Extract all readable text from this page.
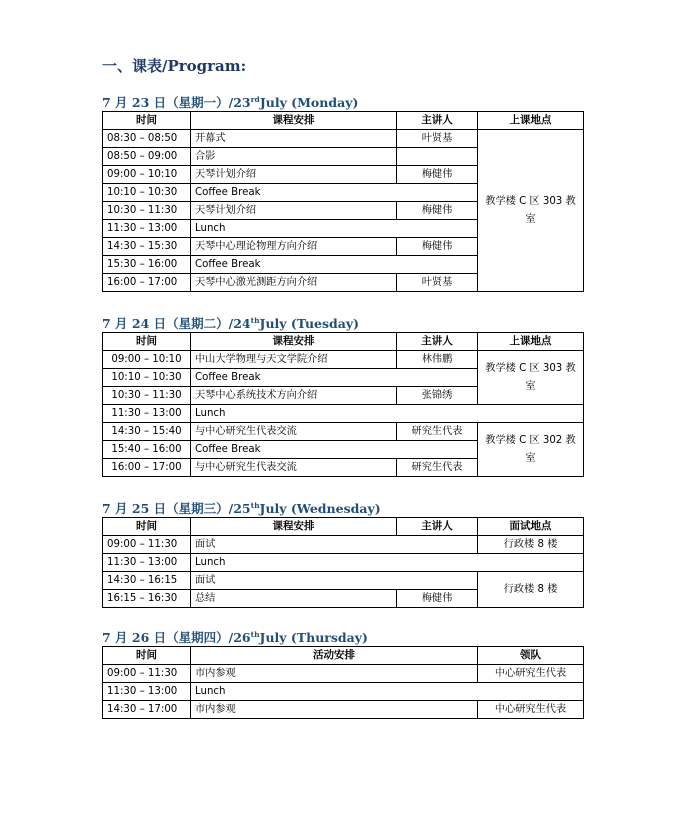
一、课表/Program:
7 月 23 日（星期一）/23rdJuly (Monday)
时间	课程安排	主讲人	上课地点
08:30 – 08:50	开幕式	叶贤基	教学楼 C 区 303 教室
08:50 – 09:00	合影		
09:00 – 10:10	天琴计划介绍	梅健伟	
10:10 – 10:30	Coffee Break		
10:30 – 11:30	天琴计划介绍	梅健伟	
11:30 – 13:00	Lunch		
14:30 – 15:30	天琴中心理论物理方向介绍	梅健伟	
15:30 – 16:00	Coffee Break		
16:00 – 17:00	天琴中心激光测距方向介绍	叶贤基	
7 月 24 日（星期二）/24thJuly (Tuesday)
时间	课程安排	主讲人	上课地点
09:00 – 10:10	中山大学物理与天文学院介绍	林伟鹏	教学楼 C 区 303 教室
10:10 – 10:30	Coffee Break		
10:30 – 11:30	天琴中心系统技术方向介绍	张锦绣	
11:30 – 13:00	Lunch		
14:30 – 15:40	与中心研究生代表交流	研究生代表	教学楼 C 区 302 教室
15:40 – 16:00	Coffee Break		
16:00 – 17:00	与中心研究生代表交流	研究生代表	
7 月 25 日（星期三）/25thJuly (Wednesday)
时间	课程安排	主讲人	面试地点
09:00 – 11:30	面试		行政楼 8 楼
11:30 – 13:00	Lunch		
14:30 – 16:15	面试		行政楼 8 楼
16:15 – 16:30	总结	梅健伟	
7 月 26 日（星期四）/26thJuly (Thursday)
时间	活动安排	领队
09:00 – 11:30	市内参观	中心研究生代表
11:30 – 13:00	Lunch	
14:30 – 17:00	市内参观	中心研究生代表
